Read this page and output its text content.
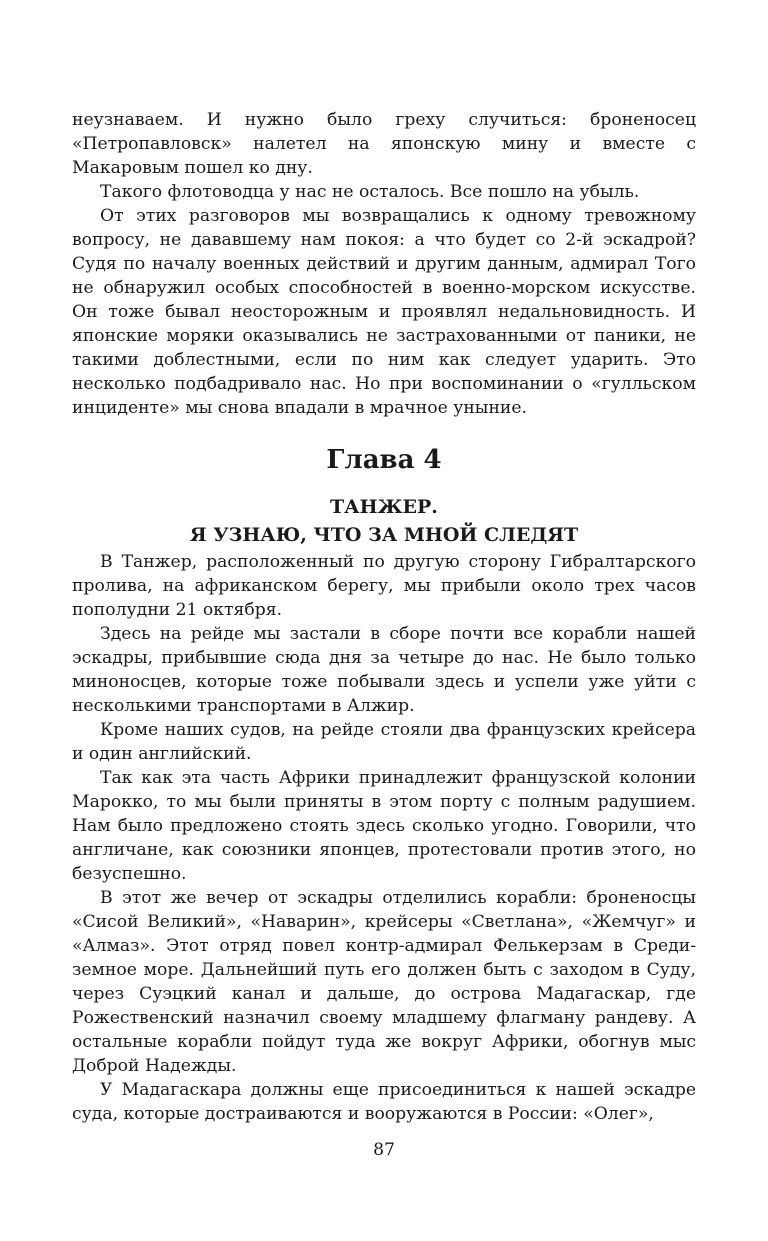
неузнаваем. И нужно было греху случиться: броненосец «Петропавловск» налетел на японскую мину и вместе с Макаровым пошел ко дну.

Такого флотоводца у нас не осталось. Все пошло на убыль.

От этих разговоров мы возвращались к одному тревожному вопросу, не дававшему нам покоя: а что будет со 2-й эскадрой? Судя по началу военных действий и другим данным, адмирал Того не обнаружил особых способностей в военно-морском искусстве. Он тоже бывал неосторожным и проявлял недальновидность. И японские моряки оказывались не застрахованными от паники, не такими доблестными, если по ним как следует ударить. Это несколько подбадривало нас. Но при воспоминании о «гулльском инциденте» мы снова впадали в мрачное уныние.

Глава 4
ТАНЖЕР.
Я УЗНАЮ, ЧТО ЗА МНОЙ СЛЕДЯТ

В Танжер, расположенный по другую сторону Гибралтарского пролива, на африканском берегу, мы прибыли около трех часов пополудни 21 октября.

Здесь на рейде мы застали в сборе почти все корабли нашей эскадры, прибывшие сюда дня за четыре до нас. Не было только миноносцев, которые тоже побывали здесь и успели уже уйти с несколькими транспортами в Алжир.

Кроме наших судов, на рейде стояли два французских крейсера и один английский.

Так как эта часть Африки принадлежит французской колонии Марокко, то мы были приняты в этом порту с полным радушием. Нам было предложено стоять здесь сколько угодно. Говорили, что англичане, как союзники японцев, протестовали против этого, но безуспешно.

В этот же вечер от эскадры отделились корабли: броненосцы «Сисой Великий», «Наварин», крейсеры «Светлана», «Жемчуг» и «Алмаз». Этот отряд повел контр-адмирал Фелькерзам в Средиземное море. Дальнейший путь его должен быть с заходом в Суду, через Суэцкий канал и дальше, до острова Мадагаскар, где Рожественский назначил своему младшему флагману рандеву. А остальные корабли пойдут туда же вокруг Африки, обогнув мыс Доброй Надежды.

У Мадагаскара должны еще присоединиться к нашей эскадре суда, которые достраиваются и вооружаются в России: «Олег»,

87
